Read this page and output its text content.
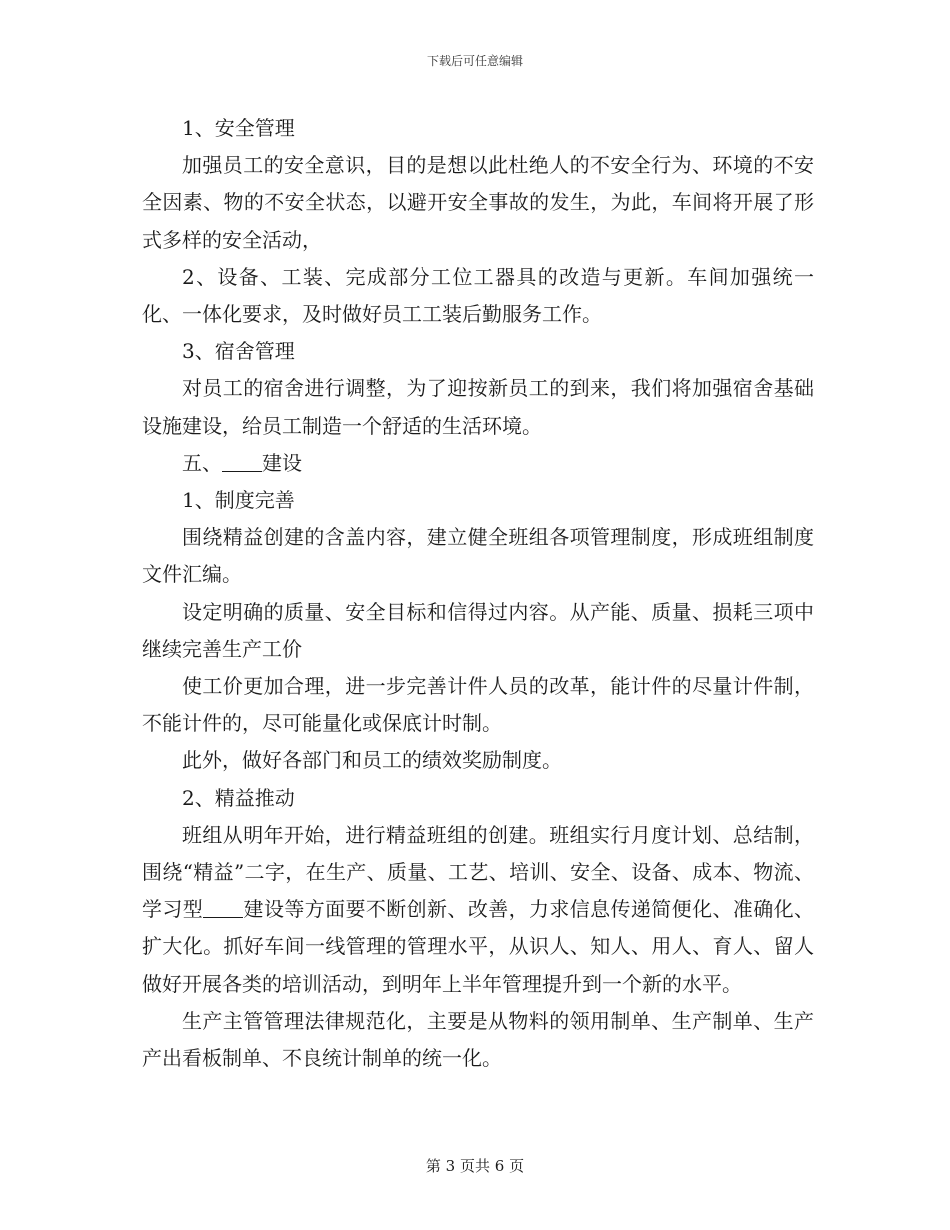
下载后可任意编辑

1、安全管理

加强员工的安全意识，目的是想以此杜绝人的不安全行为、环境的不安全因素、物的不安全状态，以避开安全事故的发生，为此，车间将开展了形式多样的安全活动，

2、设备、工装、完成部分工位工器具的改造与更新。车间加强统一化、一体化要求，及时做好员工工装后勤服务工作。

3、宿舍管理

对员工的宿舍进行调整，为了迎按新员工的到来，我们将加强宿舍基础设施建设，给员工制造一个舒适的生活环境。

五、 建设

1、制度完善

围绕精益创建的含盖内容，建立健全班组各项管理制度，形成班组制度文件汇编。

设定明确的质量、安全目标和信得过内容。从产能、质量、损耗三项中继续完善生产工价

使工价更加合理，进一步完善计件人员的改革，能计件的尽量计件制，不能计件的，尽可能量化或保底计时制。

此外，做好各部门和员工的绩效奖励制度。

2、精益推动

班组从明年开始，进行精益班组的创建。班组实行月度计划、总结制，围绕“精益”二字，在生产、质量、工艺、培训、安全、设备、成本、物流、学习型 建设等方面要不断创新、改善，力求信息传递简便化、准确化、扩大化。抓好车间一线管理的管理水平，从识人、知人、用人、育人、留人做好开展各类的培训活动，到明年上半年管理提升到一个新的水平。

生产主管管理法律规范化，主要是从物料的领用制单、生产制单、生产产出看板制单、不良统计制单的统一化。

第 3 页共 6 页
